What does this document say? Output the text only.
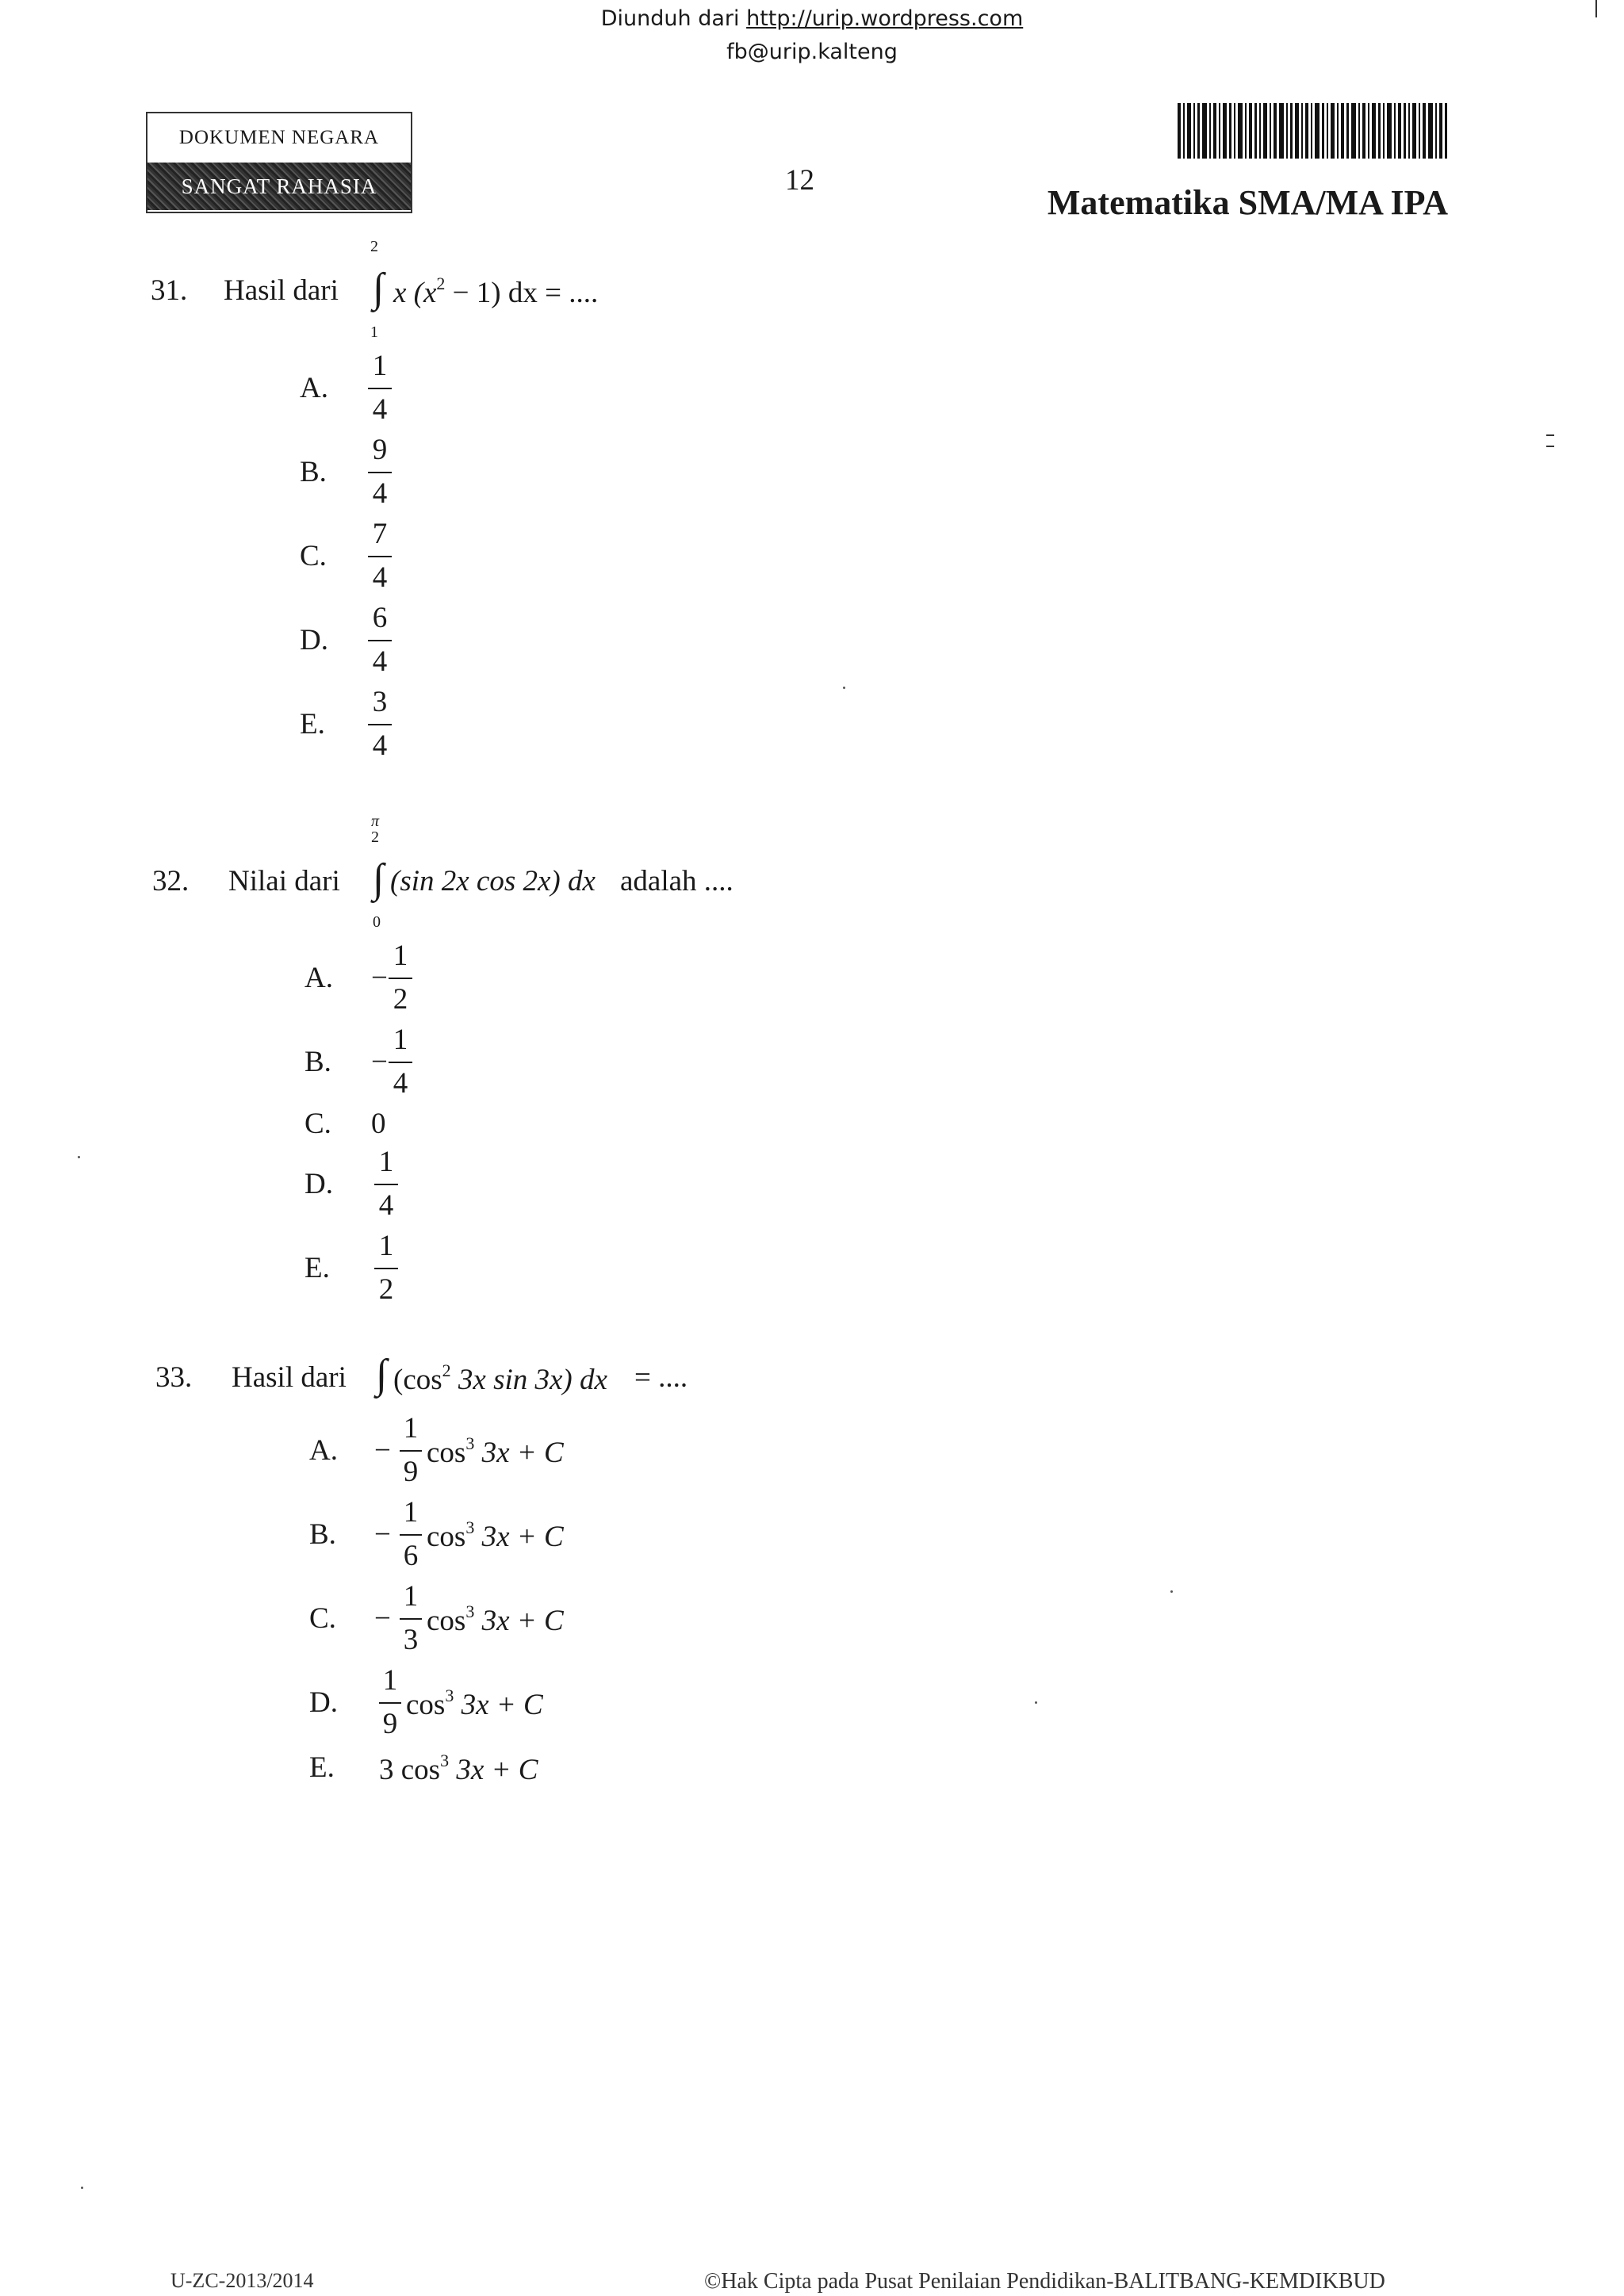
Diunduh dari http://urip.wordpress.com
fb@urip.kalteng
DOKUMEN NEGARA
SANGAT RAHASIA	12
Matematika SMA/MA IPA
31. Hasil dari
2
∫
1
x $(x^2 - 1)$ dx = ....
A.
1
4
B.
9
4
C.
7
4
D.
6
4
E.
3
4
32. Nilai dari
π
2
∫
0
(sin 2x cos 2x) dx adalah ....
A. −
1
2
B. −
1
4
C. 0
D.
1
4
E.
1
2
33. Hasil dari ∫ ($\cos^2$ 3x sin 3x) dx = ....
A. −
1
9
$\cos^3 3x + C$
B. −
1
6
$\cos^3 3x + C$
C. −
1
3
$\cos^3 3x + C$
D.
1
9
$\cos^3 3x + C$
E. 3 $\cos^3 3x + C$
U-ZC-2013/2014	©Hak Cipta pada Pusat Penilaian Pendidikan-BALITBANG-KEMDIKBUD
